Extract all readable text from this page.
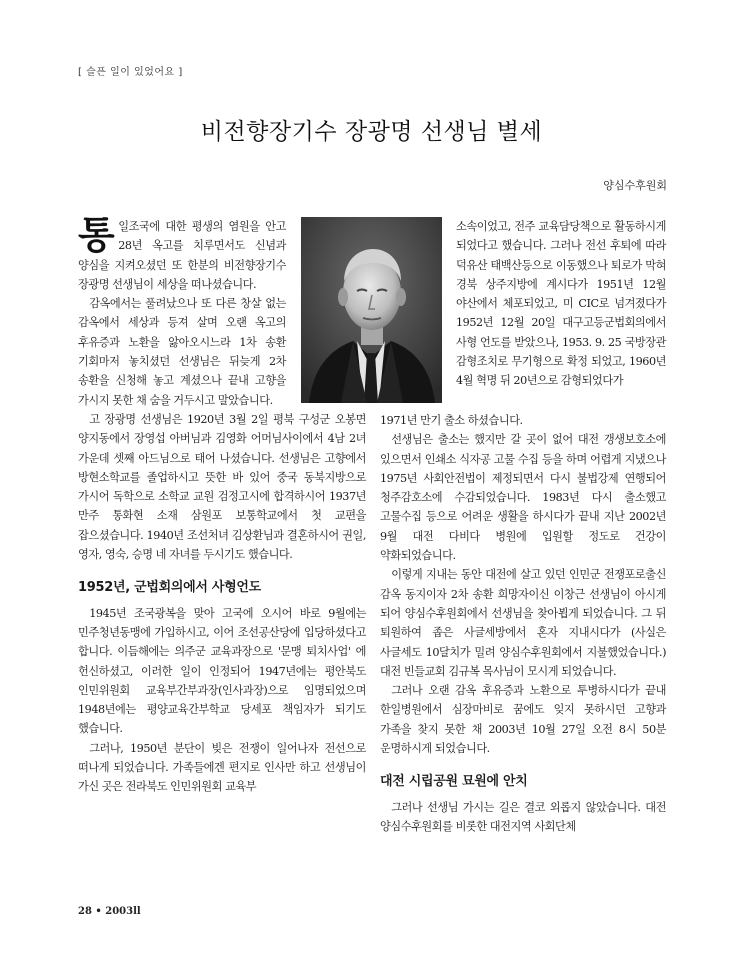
[ 슬픈 일이 있었어요 ]
비전향장기수 장광명 선생님 별세
양심수후원회

통일조국에 대한 평생의 염원을 안고 28년 옥고를 치루면서도 신념과 양심을 지켜오셨던 또 한분의 비전향장기수 장광명 선생님이 세상을 떠나셨습니다.

감옥에서는 풀려났으나 또 다른 창살 없는 감옥에서 세상과 등져 살며 오랜 옥고의 후유증과 노환을 앓아오시느라 1차 송환 기회마저 놓치셨던 선생님은 뒤늦게 2차 송환을 신청해 놓고 계셨으나 끝내 고향을 가시지 못한 채 숨을 거두시고 말았습니다.

고 장광명 선생님은 1920년 3월 2일 평북 구성군 오봉면 양지동에서 장영섭 아버님과 김영화 어머님사이에서 4남 2녀 가운데 셋째 아드님으로 태어 나셨습니다. 선생님은 고향에서 방현소학교를 졸업하시고 뜻한 바 있어 중국 동북지방으로 가시어 독학으로 소학교 교원 검정고시에 합격하시어 1937년 만주 통화현 소재 삼원포 보통학교에서 첫 교편을 잡으셨습니다. 1940년 조선처녀 김상환님과 결혼하시어 권일, 영자, 영숙, 승명 네 자녀를 두시기도 했습니다.

1952년, 군법회의에서 사형언도

1945년 조국광복을 맞아 고국에 오시어 바로 9월에는 민주청년동맹에 가입하시고, 이어 조선공산당에 입당하셨다고 합니다. 이듬해에는 의주군 교육과장으로 '문맹 퇴치사업' 에 헌신하셨고, 이러한 일이 인정되어 1947년에는 평안북도 인민위원회 교육부간부과장(인사과장)으로 임명되었으며 1948년에는 평양교육간부학교 당세포 책임자가 되기도 했습니다.

그러나, 1950년 분단이 빚은 전쟁이 일어나자 전선으로 떠나게 되었습니다. 가족들에겐 편지로 인사만 하고 선생님이 가신 곳은 전라북도 인민위원회 교육부

소속이었고, 전주 교육담당책으로 활동하시게 되었다고 했습니다. 그러나 전선 후퇴에 따라 덕유산 태백산등으로 이동했으나 퇴로가 막혀 경북 상주지방에 계시다가 1951년 12월 야산에서 체포되었고, 미 CIC로 넘겨졌다가 1952년 12월 20일 대구고등군법회의에서 사형 언도를 받았으나, 1953. 9. 25 국방장관 감형조치로 무기형으로 확정 되었고, 1960년 4월 혁명 뒤 20년으로 감형되었다가

1971년 만기 출소 하셨습니다.

선생님은 출소는 했지만 갈 곳이 없어 대전 갱생보호소에 있으면서 인쇄소 식자공 고물 수집 등을 하며 어렵게 지냈으나 1975년 사회안전법이 제정되면서 다시 불법강제 연행되어 청주감호소에 수감되었습니다. 1983년 다시 출소했고 고물수집 등으로 어려운 생활을 하시다가 끝내 지난 2002년 9월 대전 다비다 병원에 입원할 정도로 건강이 약화되었습니다.

이렇게 지내는 동안 대전에 살고 있던 인민군 전쟁포로출신 감옥 동지이자 2차 송환 희망자이신 이창근 선생님이 아시게 되어 양심수후원회에서 선생님을 찾아뵙게 되었습니다. 그 뒤 퇴원하여 좁은 사글세방에서 혼자 지내시다가 (사실은 사글세도 10달치가 밀려 양심수후원회에서 지불했었습니다.) 대전 빈들교회 김규복 목사님이 모시게 되었습니다.

그러나 오랜 감옥 후유증과 노환으로 투병하시다가 끝내 한일병원에서 심장마비로 꿈에도 잊지 못하시던 고향과 가족을 찾지 못한 채 2003년 10월 27일 오전 8시 50분 운명하시게 되었습니다.

대전 시립공원 묘원에 안치

그러나 선생님 가시는 길은 결코 외롭지 않았습니다. 대전 양심수후원회를 비롯한 대전지역 사회단체

28 • 2003ll
